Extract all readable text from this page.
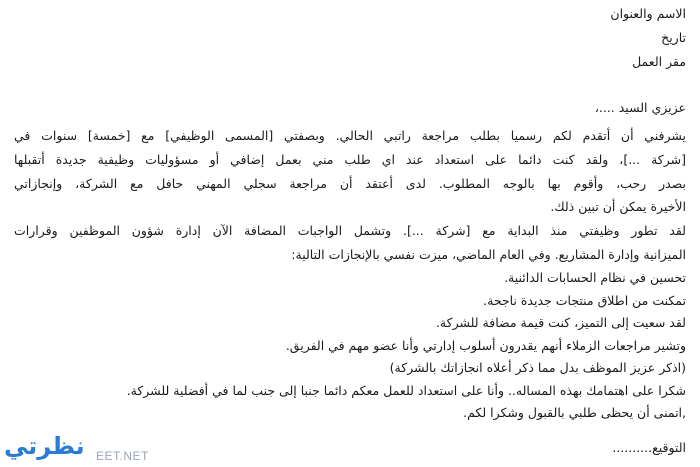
الاسم والعنوان

تاريخ

مقر العمل

عزيزي السيد ....،

يشرفني أن أتقدم لكم رسميا بطلب مراجعة راتبي الحالي. وبصفتي [المسمى الوظيفي] مع [خمسة] سنوات في

[شركة ...]، ولقد كنت دائما على استعداد عند اي طلب مني بعمل إضافي أو مسؤوليات وظيفية جديدة أتقبلها

بصدر رحب، وأقوم بها بالوجه المطلوب. لدى أعتقد أن مراجعة سجلي المهني حافل مع الشركة، وإنجازاتي

الأخيرة يمكن أن تبين ذلك.

لقد تطور وظيفتي منذ البداية مع [شركة ...]. وتشمل الواجبات المضافة الآن إدارة شؤون الموظفين وقرارات

الميزانية وإدارة المشاريع. وفي العام الماضي، ميزت نفسي بالإنجازات التالية:

تحسين في نظام الحسابات الدائنية.

تمكنت من اطلاق منتجات جديدة ناجحة.

لقد سعيت إلى التميز، كنت قيمة مضافة للشركة.

وتشير مراجعات الزملاء أنهم يقدرون أسلوب إدارتي وأنا عضو مهم في الفريق.

(اذكر عزيز الموظف بدل مما ذكر أعلاه انجازاتك بالشركة)

شكرا على اهتمامك بهذه المساله.. وأنا على استعداد للعمل معكم دائما جنبا إلى جنب لما في أفضلية للشركة.

,اتمنى أن يحظى طلبي بالقبول وشكرا لكم.

التوقيع..........

نظرتي EET.NET
